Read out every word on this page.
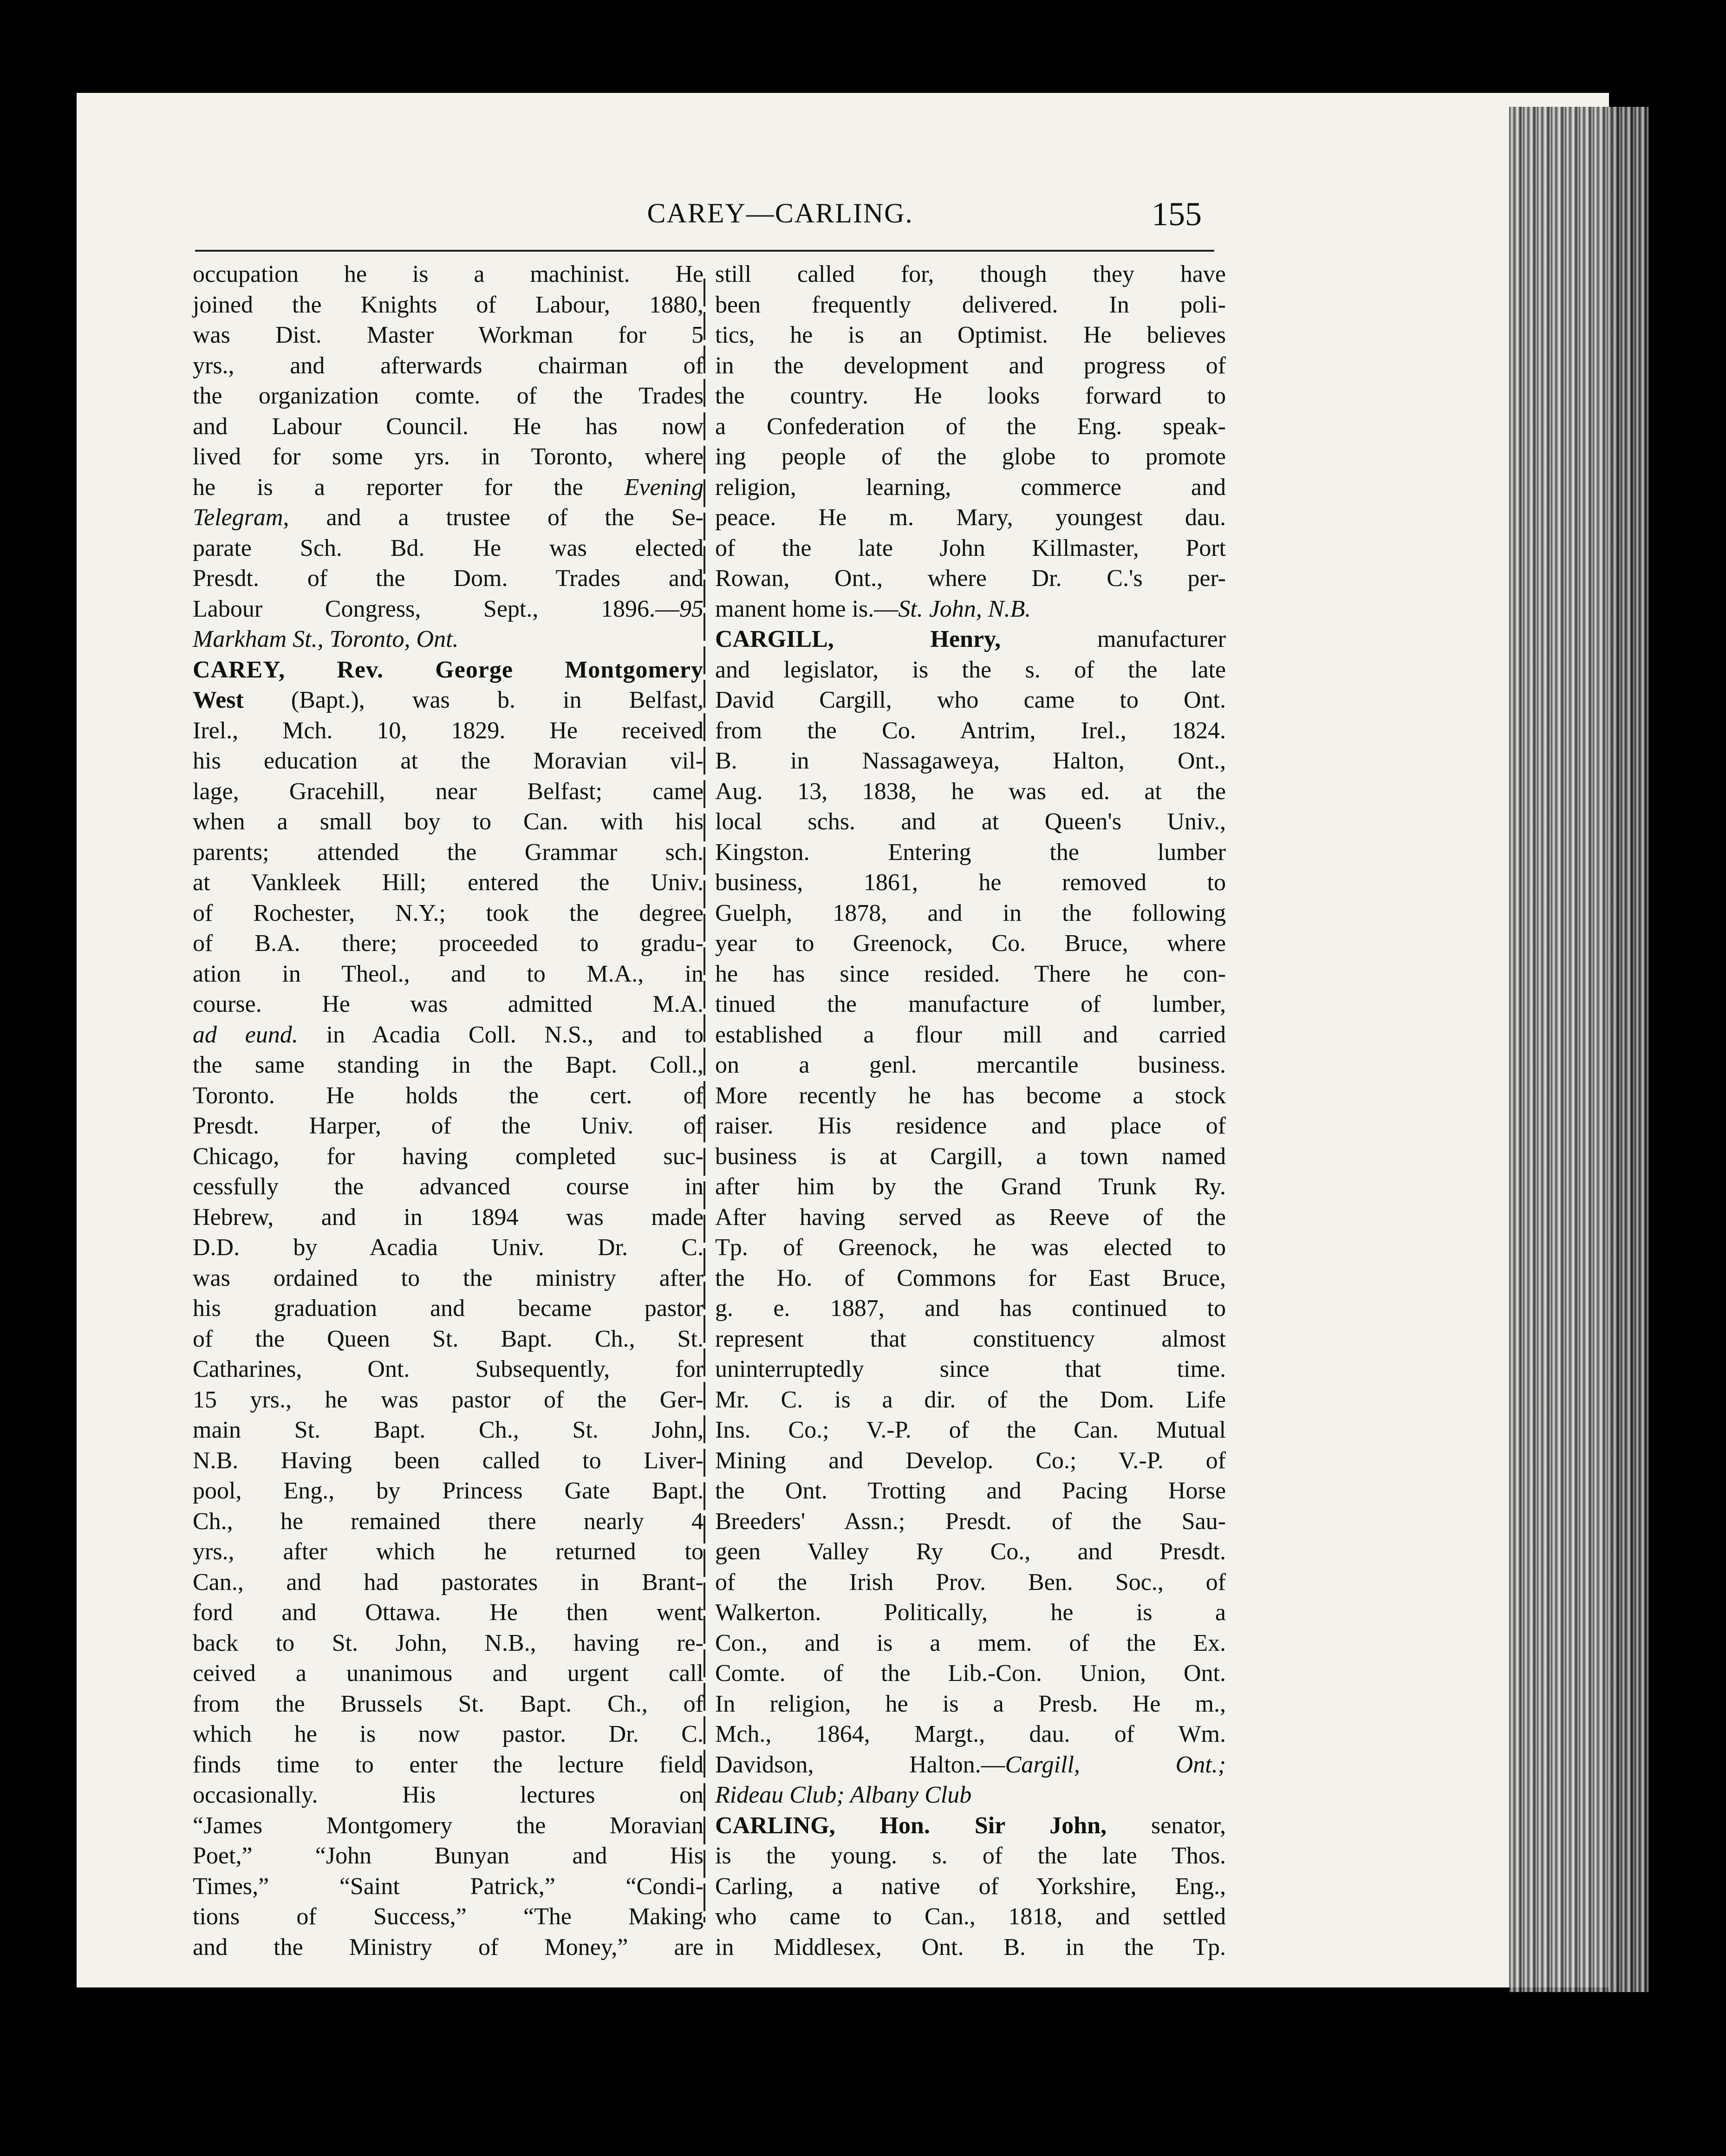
CAREY—CARLING.	155
occupation he is a machinist. He
joined the Knights of Labour, 1880,
was Dist. Master Workman for 5
yrs., and afterwards chairman of
the organization comte. of the Trades
and Labour Council. He has now
lived for some yrs. in Toronto, where
he is a reporter for the Evening
Telegram, and a trustee of the Se-
parate Sch. Bd. He was elected
Presdt. of the Dom. Trades and
Labour Congress, Sept., 1896.—95
Markham St., Toronto, Ont.
CAREY, Rev. George Montgomery
West (Bapt.), was b. in Belfast,
Irel., Mch. 10, 1829. He received
his education at the Moravian vil-
lage, Gracehill, near Belfast; came
when a small boy to Can. with his
parents; attended the Grammar sch.
at Vankleek Hill; entered the Univ.
of Rochester, N.Y.; took the degree
of B.A. there; proceeded to gradu-
ation in Theol., and to M.A., in
course. He was admitted M.A.
ad eund. in Acadia Coll. N.S., and to
the same standing in the Bapt. Coll.,
Toronto. He holds the cert. of
Presdt. Harper, of the Univ. of
Chicago, for having completed suc-
cessfully the advanced course in
Hebrew, and in 1894 was made
D.D. by Acadia Univ. Dr. C.
was ordained to the ministry after
his graduation and became pastor
of the Queen St. Bapt. Ch., St.
Catharines, Ont. Subsequently, for
15 yrs., he was pastor of the Ger-
main St. Bapt. Ch., St. John,
N.B. Having been called to Liver-
pool, Eng., by Princess Gate Bapt.
Ch., he remained there nearly 4
yrs., after which he returned to
Can., and had pastorates in Brant-
ford and Ottawa. He then went
back to St. John, N.B., having re-
ceived a unanimous and urgent call
from the Brussels St. Bapt. Ch., of
which he is now pastor. Dr. C.
finds time to enter the lecture field
occasionally. His lectures on
“James Montgomery the Moravian
Poet,” “John Bunyan and His
Times,” “Saint Patrick,” “Condi-
tions of Success,” “The Making
and the Ministry of Money,” are
still called for, though they have
been frequently delivered. In poli-
tics, he is an Optimist. He believes
in the development and progress of
the country. He looks forward to
a Confederation of the Eng. speak-
ing people of the globe to promote
religion, learning, commerce and
peace. He m. Mary, youngest dau.
of the late John Killmaster, Port
Rowan, Ont., where Dr. C.'s per-
manent home is.—St. John, N.B.
CARGILL, Henry, manufacturer
and legislator, is the s. of the late
David Cargill, who came to Ont.
from the Co. Antrim, Irel., 1824.
B. in Nassagaweya, Halton, Ont.,
Aug. 13, 1838, he was ed. at the
local schs. and at Queen's Univ.,
Kingston. Entering the lumber
business, 1861, he removed to
Guelph, 1878, and in the following
year to Greenock, Co. Bruce, where
he has since resided. There he con-
tinued the manufacture of lumber,
established a flour mill and carried
on a genl. mercantile business.
More recently he has become a stock
raiser. His residence and place of
business is at Cargill, a town named
after him by the Grand Trunk Ry.
After having served as Reeve of the
Tp. of Greenock, he was elected to
the Ho. of Commons for East Bruce,
g. e. 1887, and has continued to
represent that constituency almost
uninterruptedly since that time.
Mr. C. is a dir. of the Dom. Life
Ins. Co.; V.-P. of the Can. Mutual
Mining and Develop. Co.; V.-P. of
the Ont. Trotting and Pacing Horse
Breeders' Assn.; Presdt. of the Sau-
geen Valley Ry Co., and Presdt.
of the Irish Prov. Ben. Soc., of
Walkerton. Politically, he is a
Con., and is a mem. of the Ex.
Comte. of the Lib.-Con. Union, Ont.
In religion, he is a Presb. He m.,
Mch., 1864, Margt., dau. of Wm.
Davidson, Halton.—Cargill, Ont.;
Rideau Club; Albany Club
CARLING, Hon. Sir John, senator,
is the young. s. of the late Thos.
Carling, a native of Yorkshire, Eng.,
who came to Can., 1818, and settled
in Middlesex, Ont. B. in the Tp.
